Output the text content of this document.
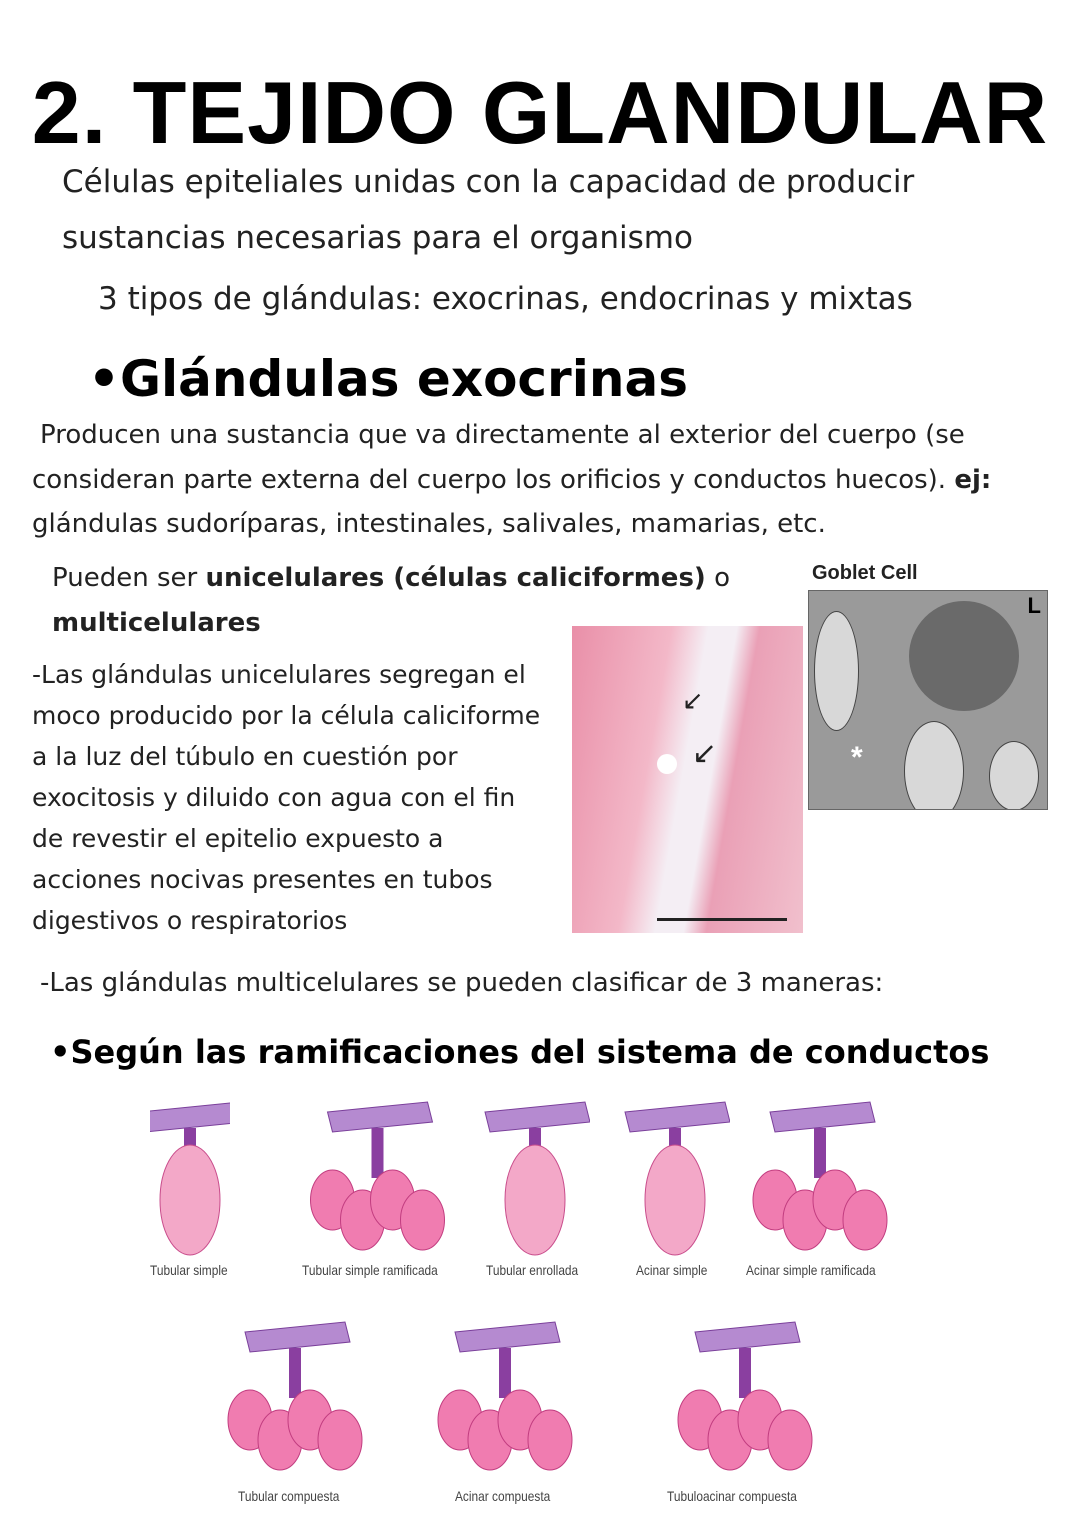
2. TEJIDO GLANDULAR
Células epiteliales unidas con la capacidad de producir
sustancias necesarias para el organismo
3 tipos de glándulas: exocrinas, endocrinas y mixtas
•Glándulas exocrinas
Producen una sustancia que va directamente al exterior del cuerpo (se
consideran parte externa del cuerpo los orificios y conductos huecos). ej:
glándulas sudoríparas, intestinales, salivales, mamarias, etc.
Pueden ser unicelulares (células caliciformes) o
multicelulares
-Las glándulas unicelulares segregan el
moco producido por la célula caliciforme
a la luz del túbulo en cuestión por
exocitosis y diluido con agua con el fin
de revestir el epitelio expuesto a
acciones nocivas presentes en tubos
digestivos o respiratorios
↙
↙
Goblet Cell
L
*
-Las glándulas multicelulares se pueden clasificar de 3 maneras:
•Según las ramificaciones del sistema de conductos
Tubular simple	Tubular simple ramificada	Tubular enrollada	Acinar simple	Acinar simple ramificada
Tubular compuesta	Acinar compuesta	Tubuloacinar compuesta
